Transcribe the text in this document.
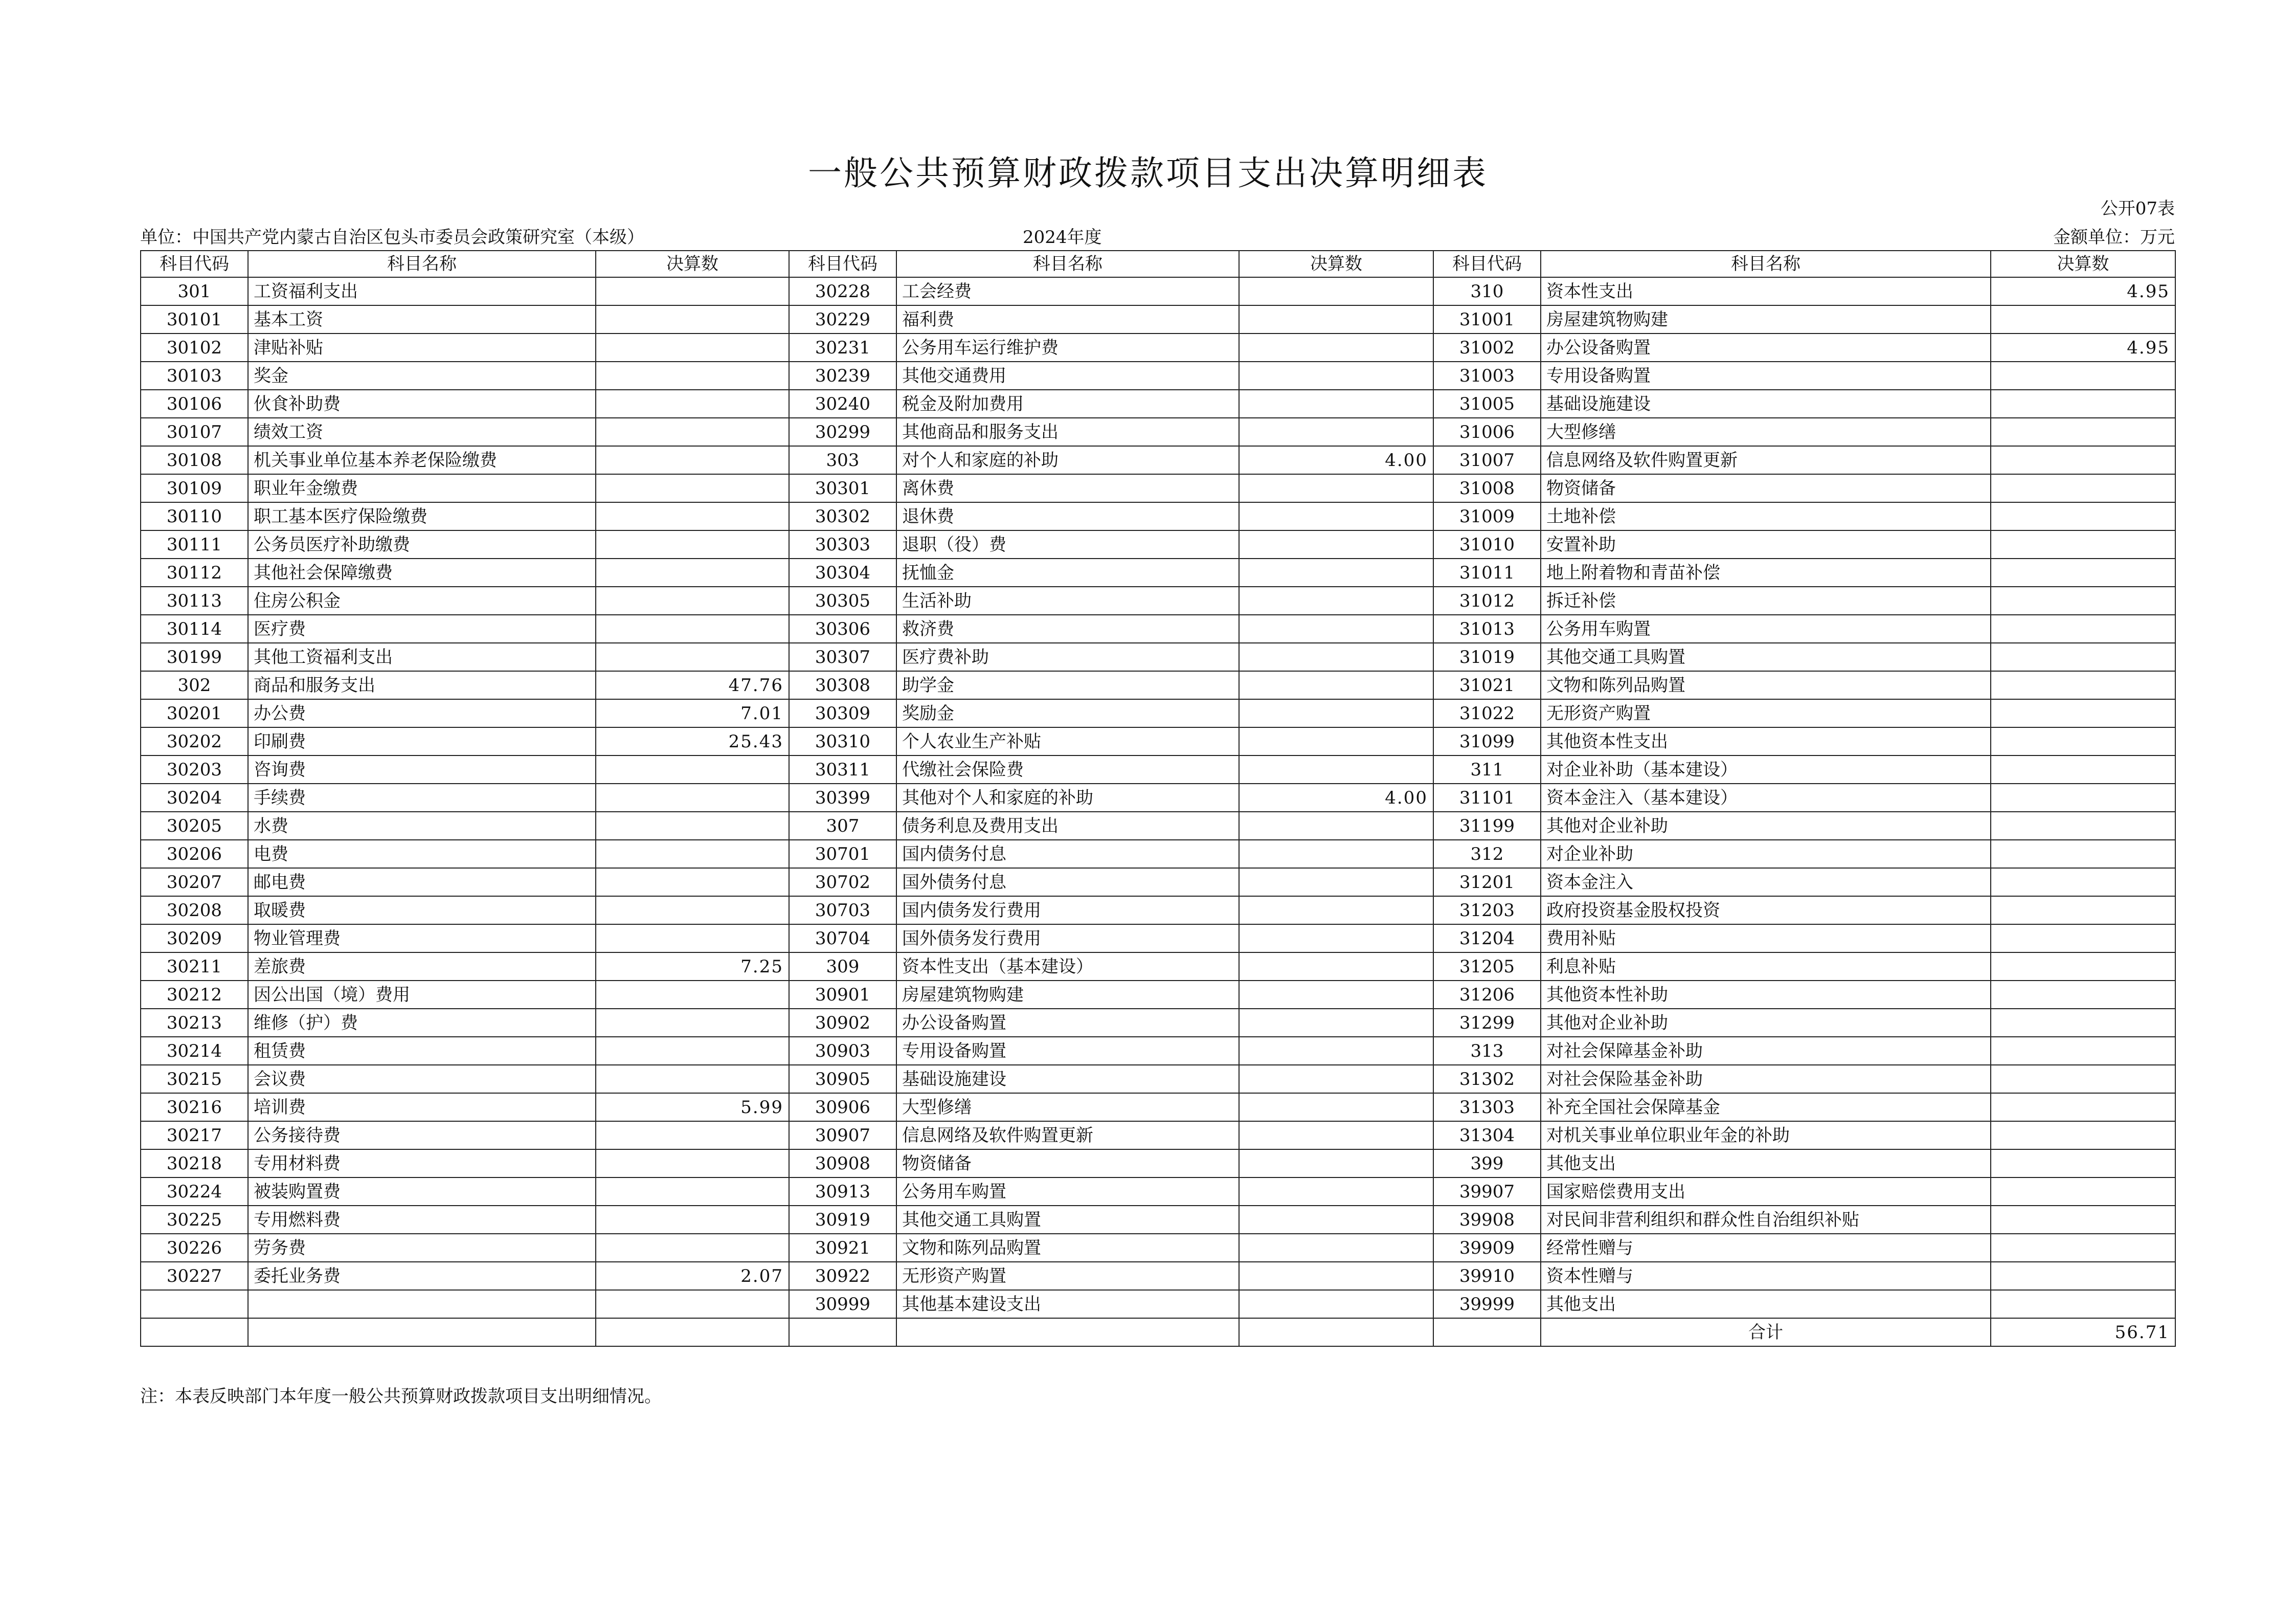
一般公共预算财政拨款项目支出决算明细表
公开07表
单位：中国共产党内蒙古自治区包头市委员会政策研究室（本级）	2024年度	金额单位：万元
科目代码	科目名称	决算数	科目代码	科目名称	决算数	科目代码	科目名称	决算数
301	工资福利支出		30228	工会经费		310	资本性支出	4.95
30101	基本工资		30229	福利费		31001	房屋建筑物购建	
30102	津贴补贴		30231	公务用车运行维护费		31002	办公设备购置	4.95
30103	奖金		30239	其他交通费用		31003	专用设备购置	
30106	伙食补助费		30240	税金及附加费用		31005	基础设施建设	
30107	绩效工资		30299	其他商品和服务支出		31006	大型修缮	
30108	机关事业单位基本养老保险缴费		303	对个人和家庭的补助	4.00	31007	信息网络及软件购置更新	
30109	职业年金缴费		30301	离休费		31008	物资储备	
30110	职工基本医疗保险缴费		30302	退休费		31009	土地补偿	
30111	公务员医疗补助缴费		30303	退职（役）费		31010	安置补助	
30112	其他社会保障缴费		30304	抚恤金		31011	地上附着物和青苗补偿	
30113	住房公积金		30305	生活补助		31012	拆迁补偿	
30114	医疗费		30306	救济费		31013	公务用车购置	
30199	其他工资福利支出		30307	医疗费补助		31019	其他交通工具购置	
302	商品和服务支出	47.76	30308	助学金		31021	文物和陈列品购置	
30201	办公费	7.01	30309	奖励金		31022	无形资产购置	
30202	印刷费	25.43	30310	个人农业生产补贴		31099	其他资本性支出	
30203	咨询费		30311	代缴社会保险费		311	对企业补助（基本建设）	
30204	手续费		30399	其他对个人和家庭的补助	4.00	31101	资本金注入（基本建设）	
30205	水费		307	债务利息及费用支出		31199	其他对企业补助	
30206	电费		30701	国内债务付息		312	对企业补助	
30207	邮电费		30702	国外债务付息		31201	资本金注入	
30208	取暖费		30703	国内债务发行费用		31203	政府投资基金股权投资	
30209	物业管理费		30704	国外债务发行费用		31204	费用补贴	
30211	差旅费	7.25	309	资本性支出（基本建设）		31205	利息补贴	
30212	因公出国（境）费用		30901	房屋建筑物购建		31206	其他资本性补助	
30213	维修（护）费		30902	办公设备购置		31299	其他对企业补助	
30214	租赁费		30903	专用设备购置		313	对社会保障基金补助	
30215	会议费		30905	基础设施建设		31302	对社会保险基金补助	
30216	培训费	5.99	30906	大型修缮		31303	补充全国社会保障基金	
30217	公务接待费		30907	信息网络及软件购置更新		31304	对机关事业单位职业年金的补助	
30218	专用材料费		30908	物资储备		399	其他支出	
30224	被装购置费		30913	公务用车购置		39907	国家赔偿费用支出	
30225	专用燃料费		30919	其他交通工具购置		39908	对民间非营利组织和群众性自治组织补贴	
30226	劳务费		30921	文物和陈列品购置		39909	经常性赠与	
30227	委托业务费	2.07	30922	无形资产购置		39910	资本性赠与	
			30999	其他基本建设支出		39999	其他支出	
							合计	56.71
注：本表反映部门本年度一般公共预算财政拨款项目支出明细情况。
